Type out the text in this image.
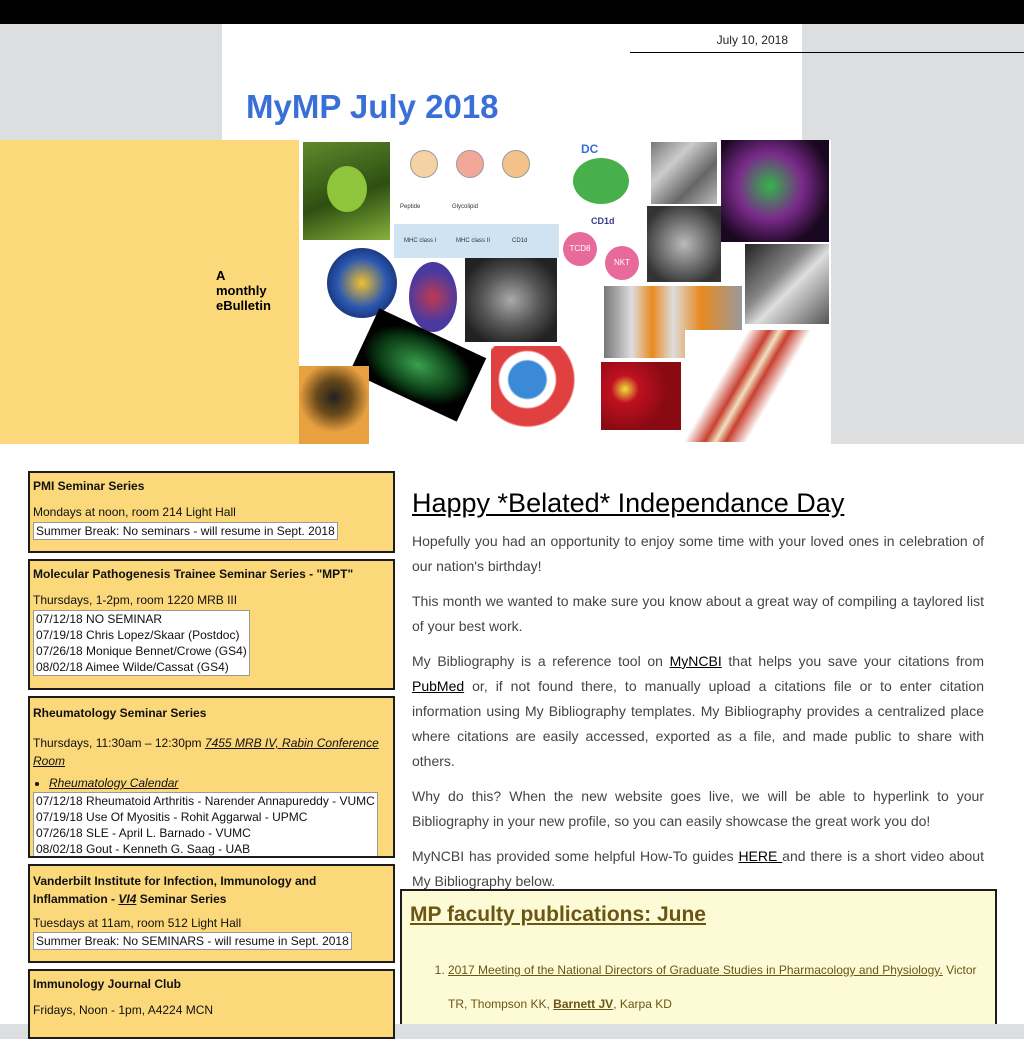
July 10, 2018
MyMP July 2018
A
monthly
eBulletin
Peptide	Glycolipid
MHC class I	MHC class II	CD1d
DC
CD1d
TCD8
NKT
PMI Seminar Series
Mondays at noon, room 214 Light Hall
Summer Break: No seminars - will resume in Sept. 2018
Molecular Pathogenesis Trainee Seminar Series - "MPT"
Thursdays, 1-2pm, room 1220 MRB III
07/12/18 NO SEMINAR
07/19/18 Chris Lopez/Skaar (Postdoc)
07/26/18 Monique Bennet/Crowe (GS4)
08/02/18 Aimee Wilde/Cassat (GS4)
Rheumatology Seminar Series
Thursdays, 11:30am – 12:30pm 7455 MRB IV, Rabin Conference Room
• Rheumatology Calendar
07/12/18 Rheumatoid Arthritis - Narender Annapureddy - VUMC
07/19/18 Use Of Myositis - Rohit Aggarwal - UPMC
07/26/18 SLE - April L. Barnado - VUMC
08/02/18 Gout - Kenneth G. Saag - UAB
Vanderbilt Institute for Infection, Immunology and Inflammation - VI4 Seminar Series
Tuesdays at 11am, room 512 Light Hall
Summer Break: No SEMINARS - will resume in Sept. 2018
Immunology Journal Club
Fridays, Noon - 1pm, A4224 MCN
Happy *Belated* Independance Day

Hopefully you had an opportunity to enjoy some time with your loved ones in celebration of our nation's birthday!

This month we wanted to make sure you know about a great way of compiling a taylored list of your best work.

My Bibliography is a reference tool on MyNCBI that helps you save your citations from PubMed or, if not found there, to manually upload a citations file or to enter citation information using My Bibliography templates. My Bibliography provides a centralized place where citations are easily accessed, exported as a file, and made public to share with others.

Why do this? When the new website goes live, we will be able to hyperlink to your Bibliography in your new profile, so you can easily showcase the great work you do!

MyNCBI has provided some helpful How-To guides HERE and there is a short video about My Bibliography below.

MP faculty publications: June
1. 2017 Meeting of the National Directors of Graduate Studies in Pharmacology and Physiology. Victor TR, Thompson KK, Barnett JV, Karpa KD
